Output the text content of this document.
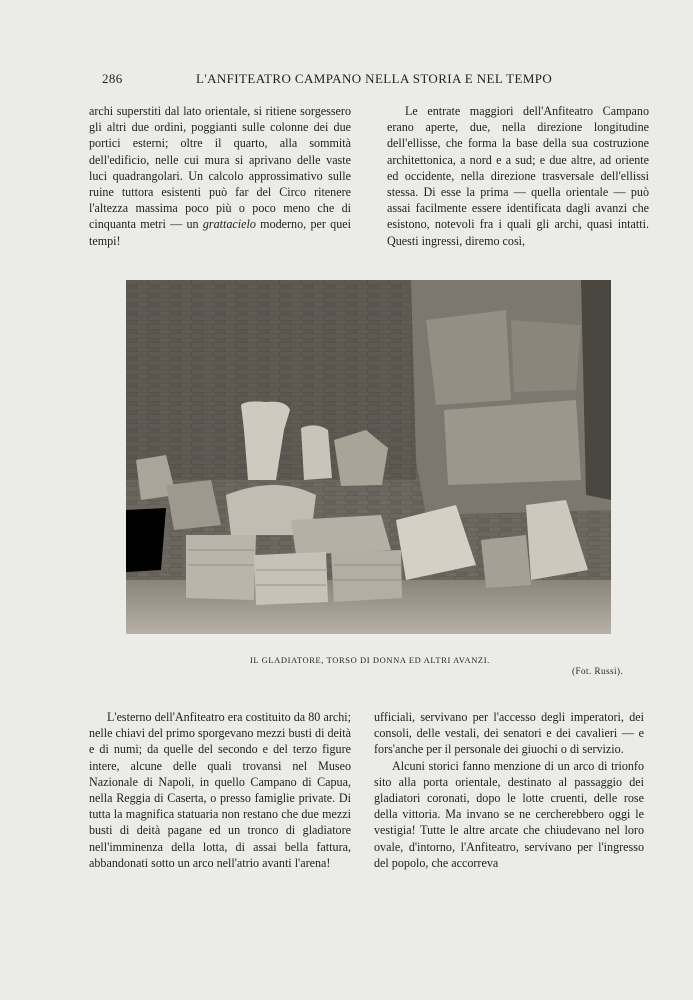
286	L'ANFITEATRO CAMPANO NELLA STORIA E NEL TEMPO

archi superstiti dal lato orientale, si ritiene sorgessero gli altri due ordini, poggianti sulle colonne dei due portici esterni; oltre il quarto, alla sommità dell'edificio, nelle cui mura si aprivano delle vaste luci quadrangolari. Un calcolo approssimativo sulle ruine tuttora esistenti può far del Circo ritenere l'altezza massima poco più o poco meno che di cinquanta metri — un grattacielo moderno, per quei tempi!

Le entrate maggiori dell'Anfiteatro Campano erano aperte, due, nella direzione longitudine dell'ellisse, che forma la base della sua costruzione architettonica, a nord e a sud; e due altre, ad oriente ed occidente, nella direzione trasversale dell'ellissi stessa. Di esse la prima — quella orientale — può assai facilmente essere identificata dagli avanzi che esistono, notevoli fra i quali gli archi, quasi intatti. Questi ingressi, diremo così,

IL GLADIATORE, TORSO DI DONNA ED ALTRI AVANZI.
(Fot. Russi).

L'esterno dell'Anfiteatro era costituito da 80 archi; nelle chiavi del primo sporgevano mezzi busti di deità e di numi; da quelle del secondo e del terzo figure intere, alcune delle quali trovansi nel Museo Nazionale di Napoli, in quello Campano di Capua, nella Reggia di Caserta, o presso famiglie private. Di tutta la magnifica statuaria non restano che due mezzi busti di deità pagane ed un tronco di gladiatore nell'imminenza della lotta, di assai bella fattura, abbandonati sotto un arco nell'atrio avanti l'arena!

ufficiali, servivano per l'accesso degli imperatori, dei consoli, delle vestali, dei senatori e dei cavalieri — e fors'anche per il personale dei giuochi o di servizio.

Alcuni storici fanno menzione di un arco di trionfo sito alla porta orientale, destinato al passaggio dei gladiatori coronati, dopo le lotte cruenti, delle rose della vittoria. Ma invano se ne cercherebbero oggi le vestigia! Tutte le altre arcate che chiudevano nel loro ovale, d'intorno, l'Anfiteatro, servivano per l'ingresso del popolo, che accorreva
